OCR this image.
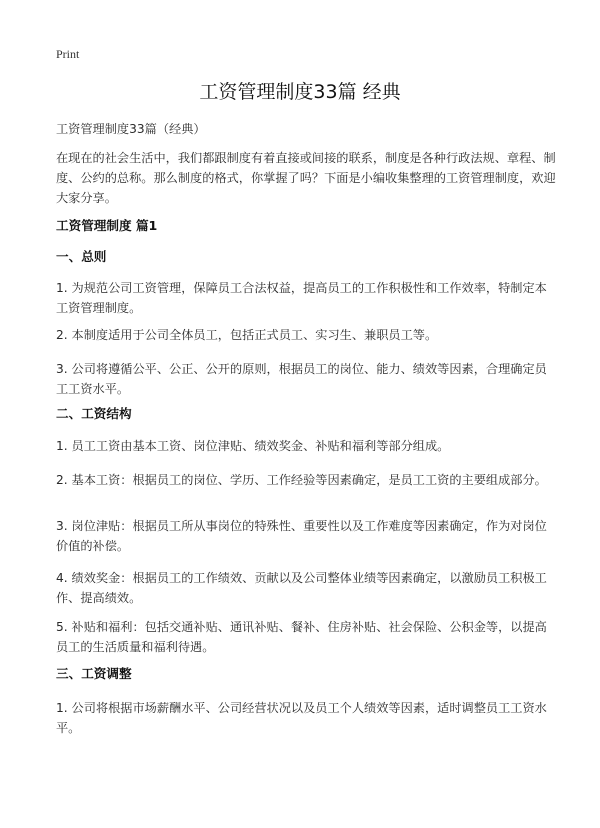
Print
工资管理制度33篇 经典

工资管理制度33篇（经典）

在现在的社会生活中，我们都跟制度有着直接或间接的联系，制度是各种行政法规、章程、制度、公约的总称。那么制度的格式，你掌握了吗？下面是小编收集整理的工资管理制度，欢迎大家分享。

工资管理制度 篇1
一、总则

1. 为规范公司工资管理，保障员工合法权益，提高员工的工作积极性和工作效率，特制定本工资管理制度。

2. 本制度适用于公司全体员工，包括正式员工、实习生、兼职员工等。

3. 公司将遵循公平、公正、公开的原则，根据员工的岗位、能力、绩效等因素，合理确定员工工资水平。

二、工资结构

1. 员工工资由基本工资、岗位津贴、绩效奖金、补贴和福利等部分组成。

2. 基本工资：根据员工的岗位、学历、工作经验等因素确定，是员工工资的主要组成部分。

3. 岗位津贴：根据员工所从事岗位的特殊性、重要性以及工作难度等因素确定，作为对岗位价值的补偿。

4. 绩效奖金：根据员工的工作绩效、贡献以及公司整体业绩等因素确定，以激励员工积极工作、提高绩效。

5. 补贴和福利：包括交通补贴、通讯补贴、餐补、住房补贴、社会保险、公积金等，以提高员工的生活质量和福利待遇。

三、工资调整

1. 公司将根据市场薪酬水平、公司经营状况以及员工个人绩效等因素，适时调整员工工资水平。
